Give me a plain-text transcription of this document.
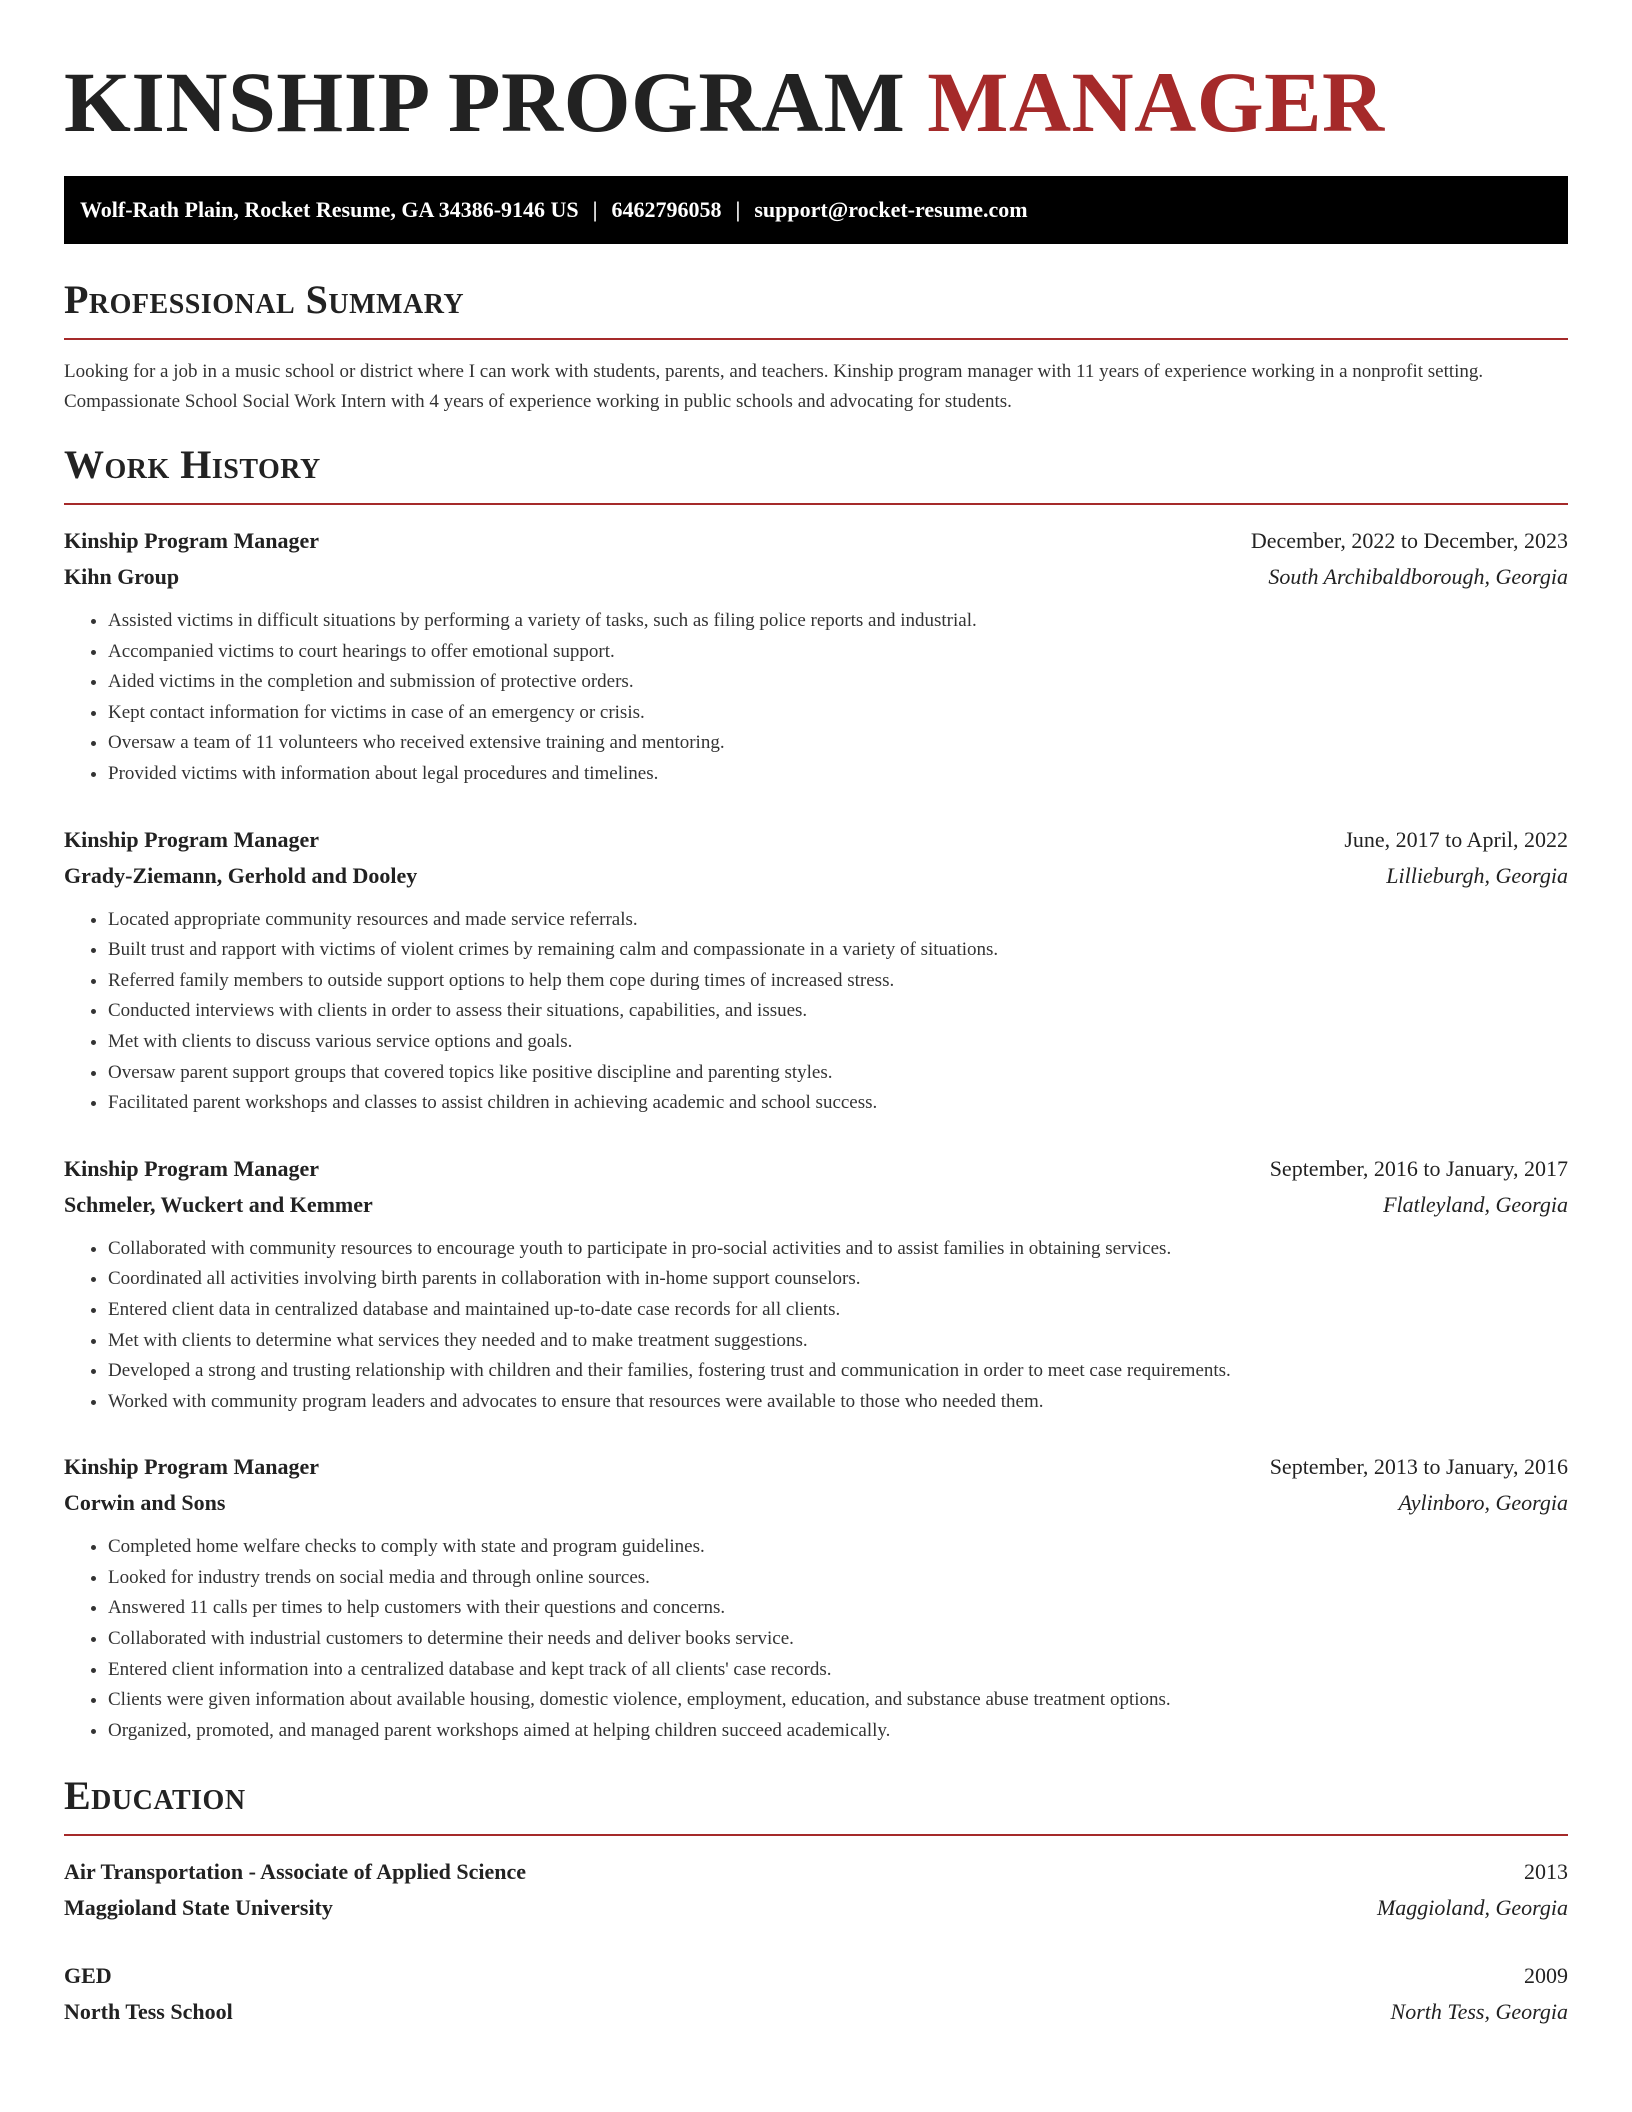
KINSHIP PROGRAM MANAGER
Wolf-Rath Plain, Rocket Resume, GA 34386-9146 US | 6462796058 | support@rocket-resume.com
Professional Summary

Looking for a job in a music school or district where I can work with students, parents, and teachers. Kinship program manager with 11 years of experience working in a nonprofit setting. Compassionate School Social Work Intern with 4 years of experience working in public schools and advocating for students.

Work History
Kinship Program Manager	December, 2022 to December, 2023
Kihn Group	South Archibaldborough, Georgia
• Assisted victims in difficult situations by performing a variety of tasks, such as filing police reports and industrial.
• Accompanied victims to court hearings to offer emotional support.
• Aided victims in the completion and submission of protective orders.
• Kept contact information for victims in case of an emergency or crisis.
• Oversaw a team of 11 volunteers who received extensive training and mentoring.
• Provided victims with information about legal procedures and timelines.
Kinship Program Manager	June, 2017 to April, 2022
Grady-Ziemann, Gerhold and Dooley	Lillieburgh, Georgia
• Located appropriate community resources and made service referrals.
• Built trust and rapport with victims of violent crimes by remaining calm and compassionate in a variety of situations.
• Referred family members to outside support options to help them cope during times of increased stress.
• Conducted interviews with clients in order to assess their situations, capabilities, and issues.
• Met with clients to discuss various service options and goals.
• Oversaw parent support groups that covered topics like positive discipline and parenting styles.
• Facilitated parent workshops and classes to assist children in achieving academic and school success.
Kinship Program Manager	September, 2016 to January, 2017
Schmeler, Wuckert and Kemmer	Flatleyland, Georgia
• Collaborated with community resources to encourage youth to participate in pro-social activities and to assist families in obtaining services.
• Coordinated all activities involving birth parents in collaboration with in-home support counselors.
• Entered client data in centralized database and maintained up-to-date case records for all clients.
• Met with clients to determine what services they needed and to make treatment suggestions.
• Developed a strong and trusting relationship with children and their families, fostering trust and communication in order to meet case requirements.
• Worked with community program leaders and advocates to ensure that resources were available to those who needed them.
Kinship Program Manager	September, 2013 to January, 2016
Corwin and Sons	Aylinboro, Georgia
• Completed home welfare checks to comply with state and program guidelines.
• Looked for industry trends on social media and through online sources.
• Answered 11 calls per times to help customers with their questions and concerns.
• Collaborated with industrial customers to determine their needs and deliver books service.
• Entered client information into a centralized database and kept track of all clients' case records.
• Clients were given information about available housing, domestic violence, employment, education, and substance abuse treatment options.
• Organized, promoted, and managed parent workshops aimed at helping children succeed academically.
Education
Air Transportation - Associate of Applied Science	2013
Maggioland State University	Maggioland, Georgia
GED	2009
North Tess School	North Tess, Georgia
